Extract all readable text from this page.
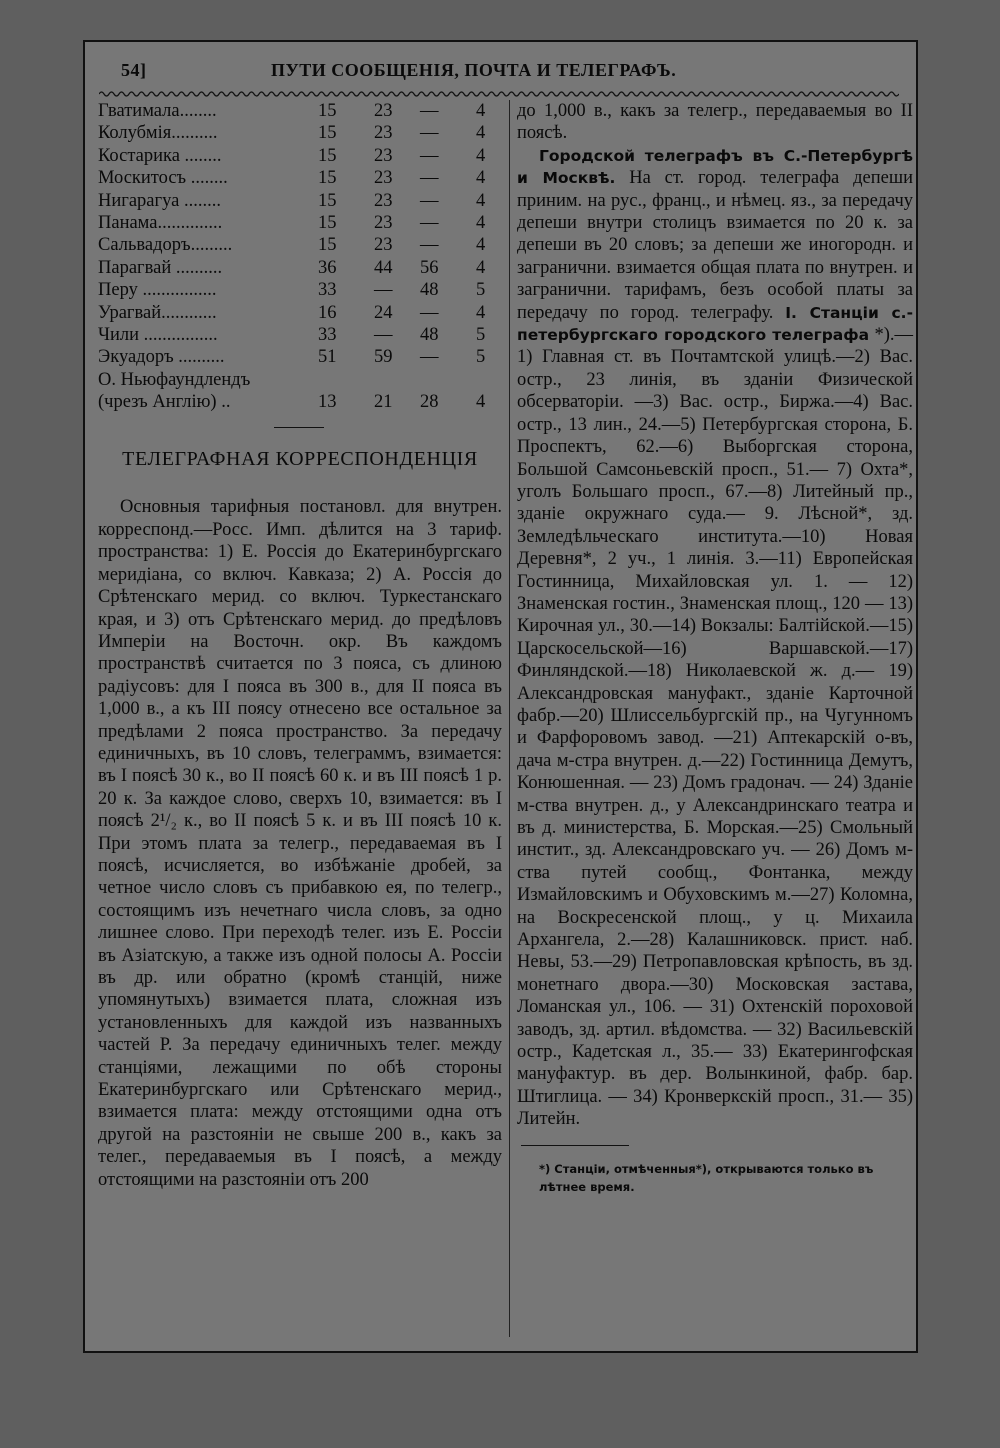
54]	ПУТИ СООБЩЕНІЯ, ПОЧТА И ТЕЛЕГРАФЪ.
Гватимала........	15 23 — 4
Колубмія..........	15 23 — 4
Костарика ........	15 23 — 4
Москитосъ ........	15 23 — 4
Нигарагуа ........	15 23 — 4
Панама..............	15 23 — 4
Сальвадоръ.........	15 23 — 4
Парагвай ..........	36 44 56 4
Перу ................	33 — 48 5
Урагвай............	16 24 — 4
Чили ................	33 — 48 5
Экуадоръ ..........	51 59 — 5
О. Ньюфаундлендъ
(чрезъ Англію) ..	13 21 28 4
ТЕЛЕГРАФНАЯ КОРРЕСПОНДЕНЦІЯ
Основныя тарифныя постановл. для внутрен. корреспонд.—Росс. Имп. дѣлится на 3 тариф. пространства: 1) Е. Россія до Екатеринбургскаго меридіана, со включ. Кавказа; 2) А. Россія до Срѣтенскаго мерид. со включ. Туркестанскаго края, и 3) отъ Срѣтенскаго мерид. до предѣловъ Имперіи на Восточн. окр. Въ каждомъ пространствѣ считается по 3 пояса, съ длиною радіусовъ: для I пояса въ 300 в., для II пояса въ 1,000 в., а къ III поясу отнесено все остальное за предѣлами 2 пояса пространство. За передачу единичныхъ, въ 10 словъ, телеграммъ, взимается: въ I поясѣ 30 к., во II поясѣ 60 к. и въ III поясѣ 1 р. 20 к. За каждое слово, сверхъ 10, взимается: въ I поясѣ 2¹/₂ к., во II поясѣ 5 к. и въ III поясѣ 10 к. При этомъ плата за телегр., передаваемая въ I поясѣ, исчисляется, во избѣжаніе дробей, за четное число словъ съ прибавкою ея, по телегр., состоящимъ изъ нечетнаго числа словъ, за одно лишнее слово. При переходѣ телег. изъ Е. Россіи въ Азіатскую, а также изъ одной полосы А. Россіи въ др. или обратно (кромѣ станцій, ниже упомянутыхъ) взимается плата, сложная изъ установленныхъ для каждой изъ названныхъ частей Р. За передачу единичныхъ телег. между станціями, лежащими по обѣ стороны Екатеринбургскаго или Срѣтенскаго мерид., взимается плата: между отстоящими одна отъ другой на разстояніи не свыше 200 в., какъ за телег., передаваемыя въ I поясѣ, а между отстоящими на разстояніи отъ 200

до 1,000 в., какъ за телегр., передаваемыя во II поясѣ.

Городской телеграфъ въ С.-Петербургѣ и Москвѣ. На ст. город. телеграфа депеши приним. на рус., франц., и нѣмец. яз., за передачу депеши внутри столицъ взимается по 20 к. за депеши въ 20 словъ; за депеши же иногородн. и загранични. взимается общая плата по внутрен. и загранични. тарифамъ, безъ особой платы за передачу по город. телеграфу. I. Станціи с.-петербургскаго городского телеграфа *).—1) Главная ст. въ Почтамтской улицѣ.—2) Вас. остр., 23 линія, въ зданіи Физической обсерваторіи. —3) Вас. остр., Биржа.—4) Вас. остр., 13 лин., 24.—5) Петербургская сторона, Б. Проспектъ, 62.—6) Выборгская сторона, Большой Самсоньевскій просп., 51.— 7) Охта*, уголъ Большаго просп., 67.—8) Литейный пр., зданіе окружнаго суда.— 9. Лѣсной*, зд. Земледѣльческаго института.—10) Новая Деревня*, 2 уч., 1 линія. 3.—11) Европейская Гостинница, Михайловская ул. 1. — 12) Знаменская гостин., Знаменская площ., 120 — 13) Кирочная ул., 30.—14) Вокзалы: Балтійской.—15) Царскосельской—16) Варшавской.—17) Финляндской.—18) Николаевской ж. д.— 19) Александровская мануфакт., зданіе Карточной фабр.—20) Шлиссельбургскій пр., на Чугунномъ и Фарфоровомъ завод. —21) Аптекарскій о-въ, дача м-стра внутрен. д.—22) Гостинница Демутъ, Конюшенная. — 23) Домъ градонач. — 24) Зданіе м-ства внутрен. д., у Александринскаго театра и въ д. министерства, Б. Морская.—25) Смольный инстит., зд. Александровскаго уч. — 26) Домъ м-ства путей сообщ., Фонтанка, между Измайловскимъ и Обуховскимъ м.—27) Коломна, на Воскресенской площ., у ц. Михаила Архангела, 2.—28) Калашниковск. прист. наб. Невы, 53.—29) Петропавловская крѣпость, въ зд. монетнаго двора.—30) Московская застава, Ломанская ул., 106. — 31) Охтенскій пороховой заводъ, зд. артил. вѣдомства. — 32) Васильевскій остр., Кадетская л., 35.— 33) Екатерингофская мануфактур. въ дер. Волынкиной, фабр. бар. Штиглица. — 34) Кронверкскій просп., 31.— 35) Литейн.

*) Станціи, отмѣченныя*), открываются только въ лѣтнее время.
